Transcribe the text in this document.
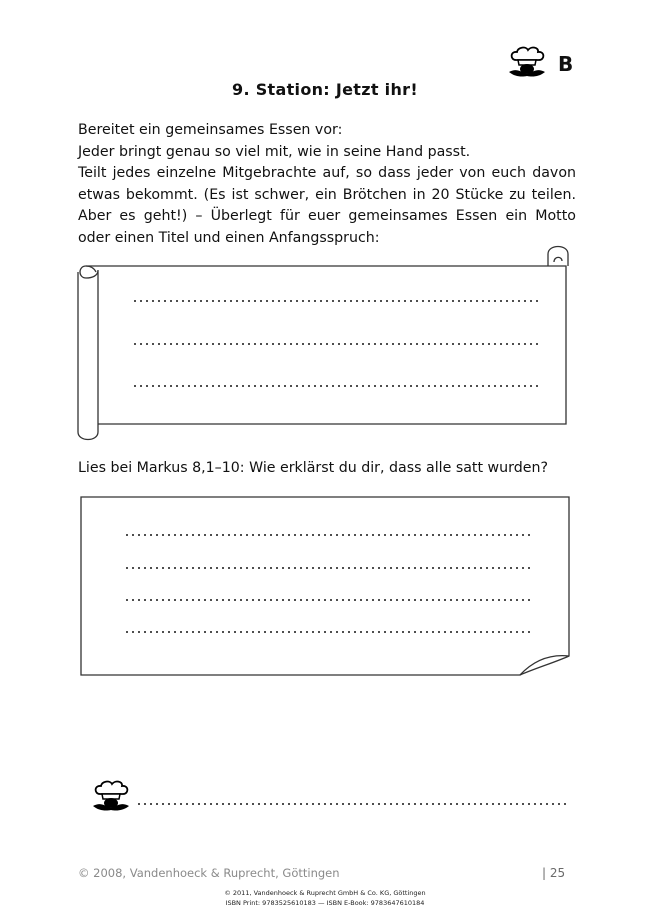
B
9. Station: Jetzt ihr!
Bereitet ein gemeinsames Essen vor:
Jeder bringt genau so viel mit, wie in seine Hand passt.
Teilt jedes einzelne Mitgebrachte auf, so dass jeder von euch davon
etwas bekommt. (Es ist schwer, ein Brötchen in 20 Stücke zu teilen.
Aber es geht!) – Überlegt für euer gemeinsames Essen ein Motto
oder einen Titel und einen Anfangsspruch:
Lies bei Markus 8,1–10: Wie erklärst du dir, dass alle satt wurden?
© 2008, Vandenhoeck & Ruprecht, Göttingen	| 25
© 2011, Vandenhoeck & Ruprecht GmbH & Co. KG, Göttingen
ISBN Print: 9783525610183 — ISBN E-Book: 9783647610184
